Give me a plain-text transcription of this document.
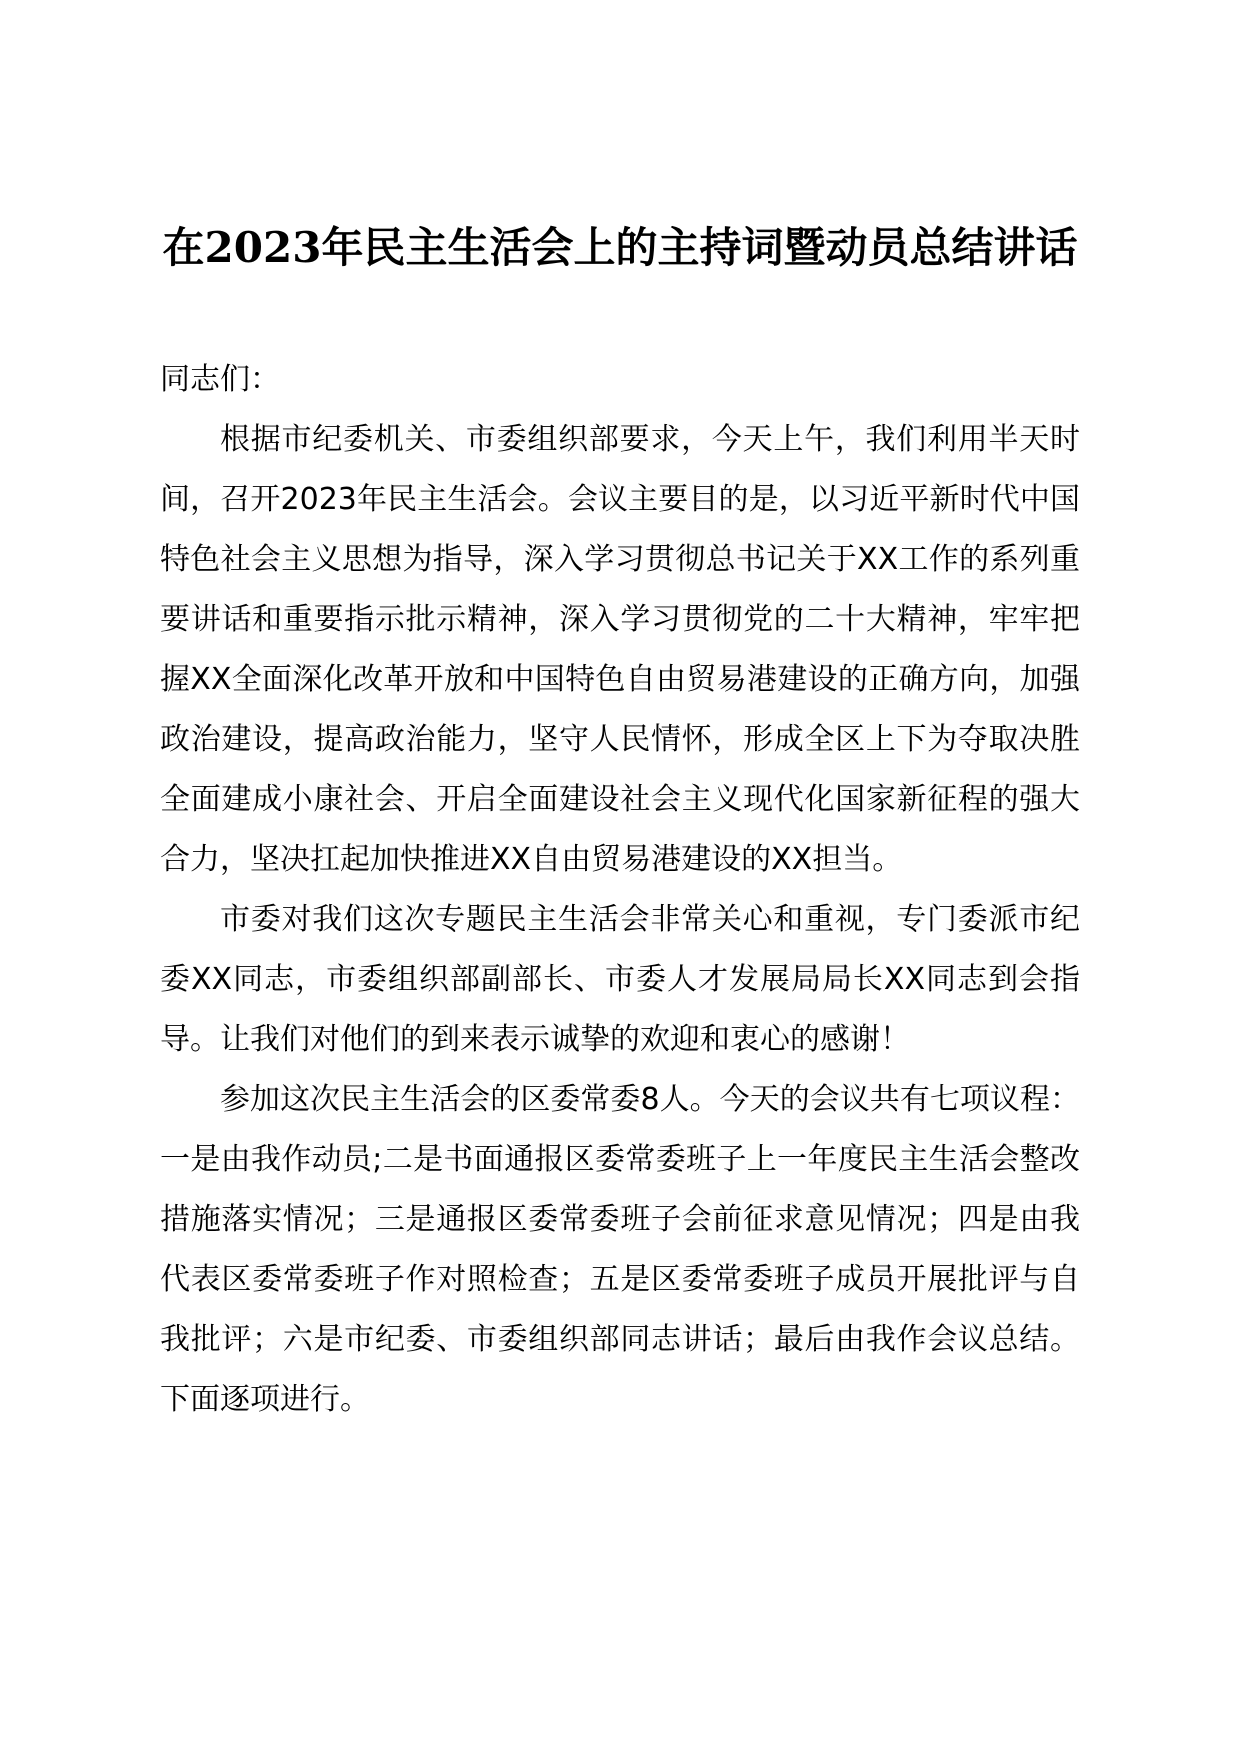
在2023年民主生活会上的主持词暨动员总结讲话

同志们：

根据市纪委机关、市委组织部要求，今天上午，我们利用半天时间，召开2023年民主生活会。会议主要目的是，以习近平新时代中国特色社会主义思想为指导，深入学习贯彻总书记关于XX工作的系列重要讲话和重要指示批示精神，深入学习贯彻党的二十大精神，牢牢把握XX全面深化改革开放和中国特色自由贸易港建设的正确方向，加强政治建设，提高政治能力，坚守人民情怀，形成全区上下为夺取决胜全面建成小康社会、开启全面建设社会主义现代化国家新征程的强大合力，坚决扛起加快推进XX自由贸易港建设的XX担当。

市委对我们这次专题民主生活会非常关心和重视，专门委派市纪委XX同志，市委组织部副部长、市委人才发展局局长XX同志到会指导。让我们对他们的到来表示诚挚的欢迎和衷心的感谢！

参加这次民主生活会的区委常委8人。今天的会议共有七项议程：一是由我作动员;二是书面通报区委常委班子上一年度民主生活会整改措施落实情况；三是通报区委常委班子会前征求意见情况；四是由我代表区委常委班子作对照检查；五是区委常委班子成员开展批评与自我批评；六是市纪委、市委组织部同志讲话；最后由我作会议总结。下面逐项进行。
